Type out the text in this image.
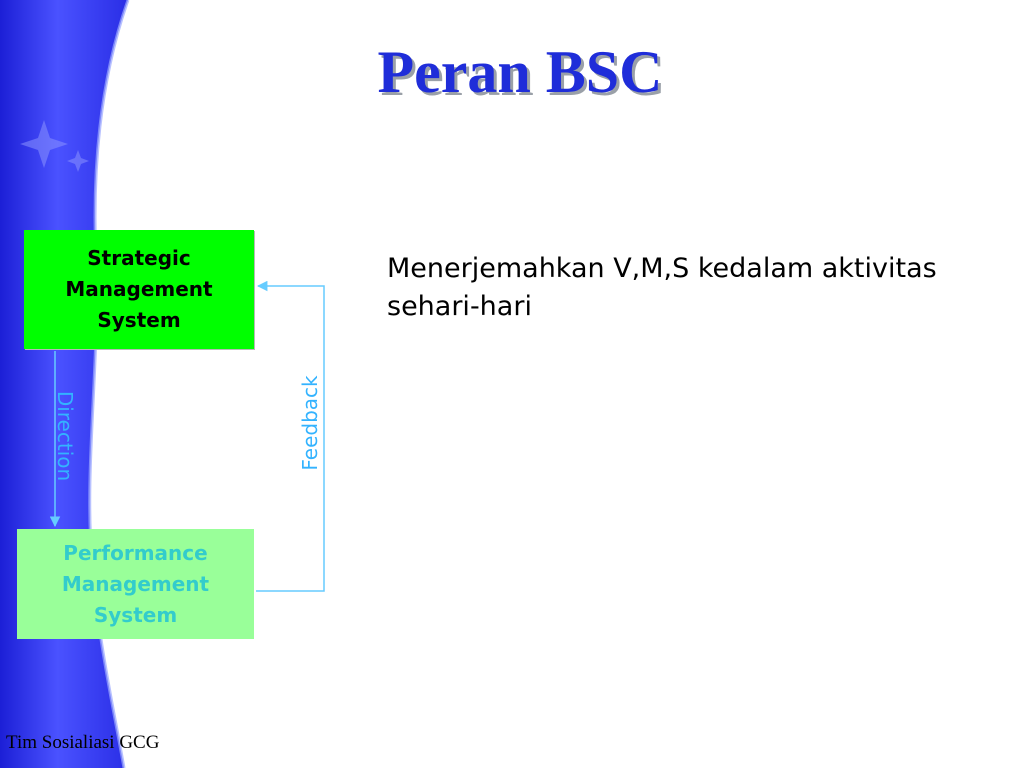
Peran BSC
Strategic Management System
Performance Management System
Direction	Feedback
Menerjemahkan V,M,S kedalam aktivitas sehari-hari
Tim Sosialiasi GCG
